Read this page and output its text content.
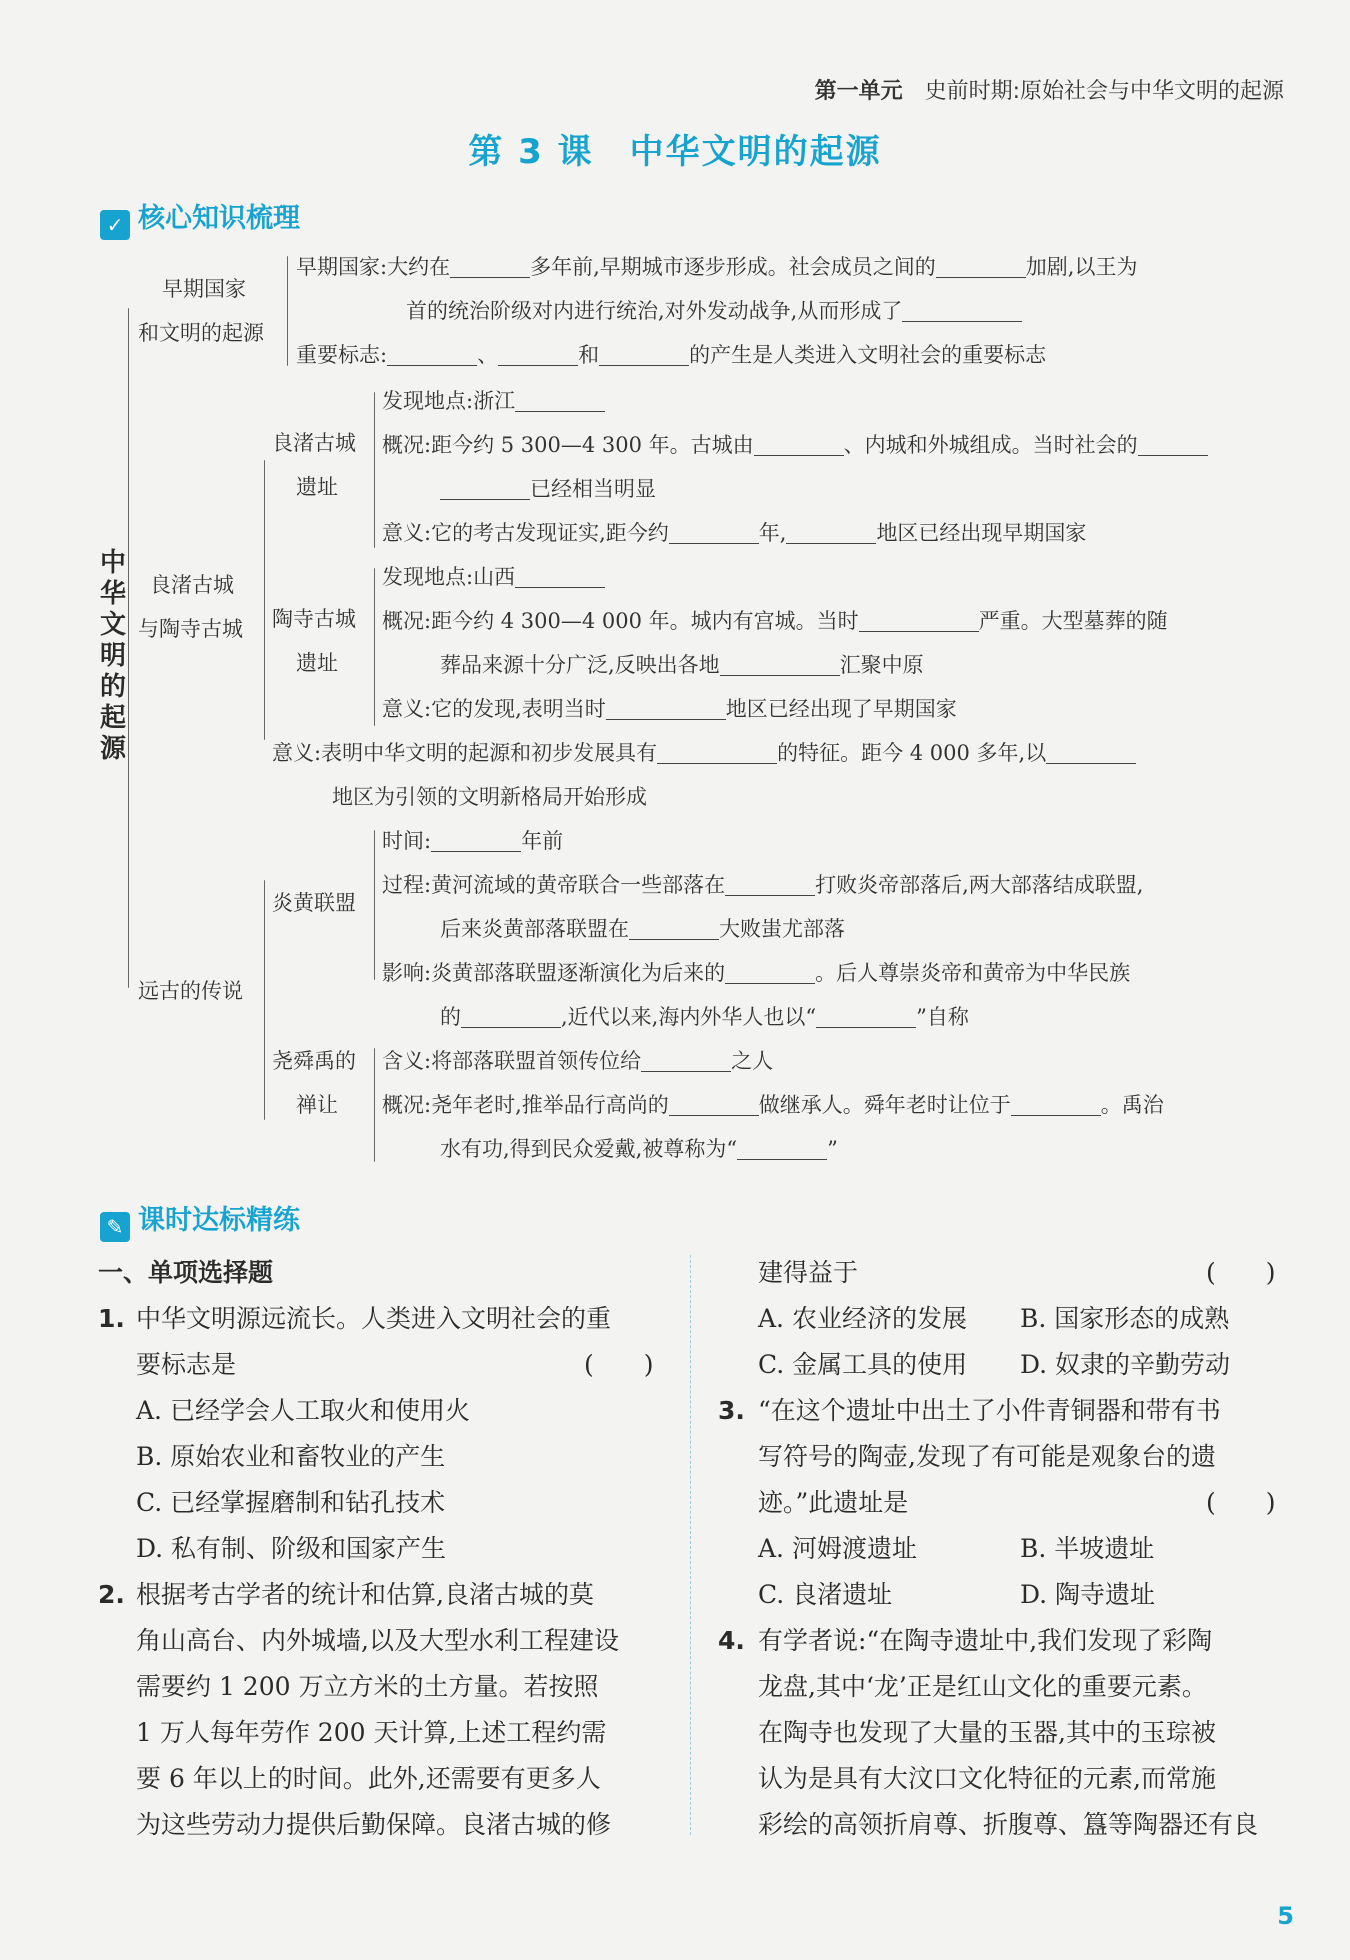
第一单元 史前时期:原始社会与中华文明的起源
第 3 课　中华文明的起源
✓ 核心知识梳理
中华文明的起源
早期国家
和文明的起源
早期国家:大约在	多年前,早期城市逐步形成。社会成员之间的	加剧,以王为
首的统治阶级对内进行统治,对外发动战争,从而形成了
重要标志:	、	和	的产生是人类进入文明社会的重要标志
良渚古城
与陶寺古城
良渚古城
遗址
发现地点:浙江
概况:距今约 5 300—4 300 年。古城由	、内城和外城组成。当时社会的
已经相当明显
意义:它的考古发现证实,距今约	年,	地区已经出现早期国家
陶寺古城
遗址
发现地点:山西
概况:距今约 4 300—4 000 年。城内有宫城。当时	严重。大型墓葬的随
葬品来源十分广泛,反映出各地	汇聚中原
意义:它的发现,表明当时	地区已经出现了早期国家
意义:表明中华文明的起源和初步发展具有	的特征。距今 4 000 多年,以
地区为引领的文明新格局开始形成
远古的传说
炎黄联盟
时间:	年前
过程:黄河流域的黄帝联合一些部落在	打败炎帝部落后,两大部落结成联盟,
后来炎黄部落联盟在	大败蚩尤部落
影响:炎黄部落联盟逐渐演化为后来的	。后人尊崇炎帝和黄帝为中华民族
的	,近代以来,海内外华人也以“	”自称
尧舜禹的
禅让
含义:将部落联盟首领传位给	之人
概况:尧年老时,推举品行高尚的	做继承人。舜年老时让位于	。禹治
水有功,得到民众爱戴,被尊称为“	”
✎ 课时达标精练
一、单项选择题
1. 中华文明源远流长。人类进入文明社会的重
要标志是	(　　)
A. 已经学会人工取火和使用火
B. 原始农业和畜牧业的产生
C. 已经掌握磨制和钻孔技术
D. 私有制、阶级和国家产生
2. 根据考古学者的统计和估算,良渚古城的莫
角山高台、内外城墙,以及大型水利工程建设
需要约 1 200 万立方米的土方量。若按照
1 万人每年劳作 200 天计算,上述工程约需
要 6 年以上的时间。此外,还需要有更多人
为这些劳动力提供后勤保障。良渚古城的修
建得益于	(　　)
A. 农业经济的发展 B. 国家形态的成熟
C. 金属工具的使用 D. 奴隶的辛勤劳动
3. “在这个遗址中出土了小件青铜器和带有书
写符号的陶壶,发现了有可能是观象台的遗
迹。”此遗址是	(　　)
A. 河姆渡遗址	B. 半坡遗址
C. 良渚遗址	D. 陶寺遗址
4. 有学者说:“在陶寺遗址中,我们发现了彩陶
龙盘,其中‘龙’正是红山文化的重要元素。
在陶寺也发现了大量的玉器,其中的玉琮被
认为是具有大汶口文化特征的元素,而常施
彩绘的高领折肩尊、折腹尊、簋等陶器还有良
5
